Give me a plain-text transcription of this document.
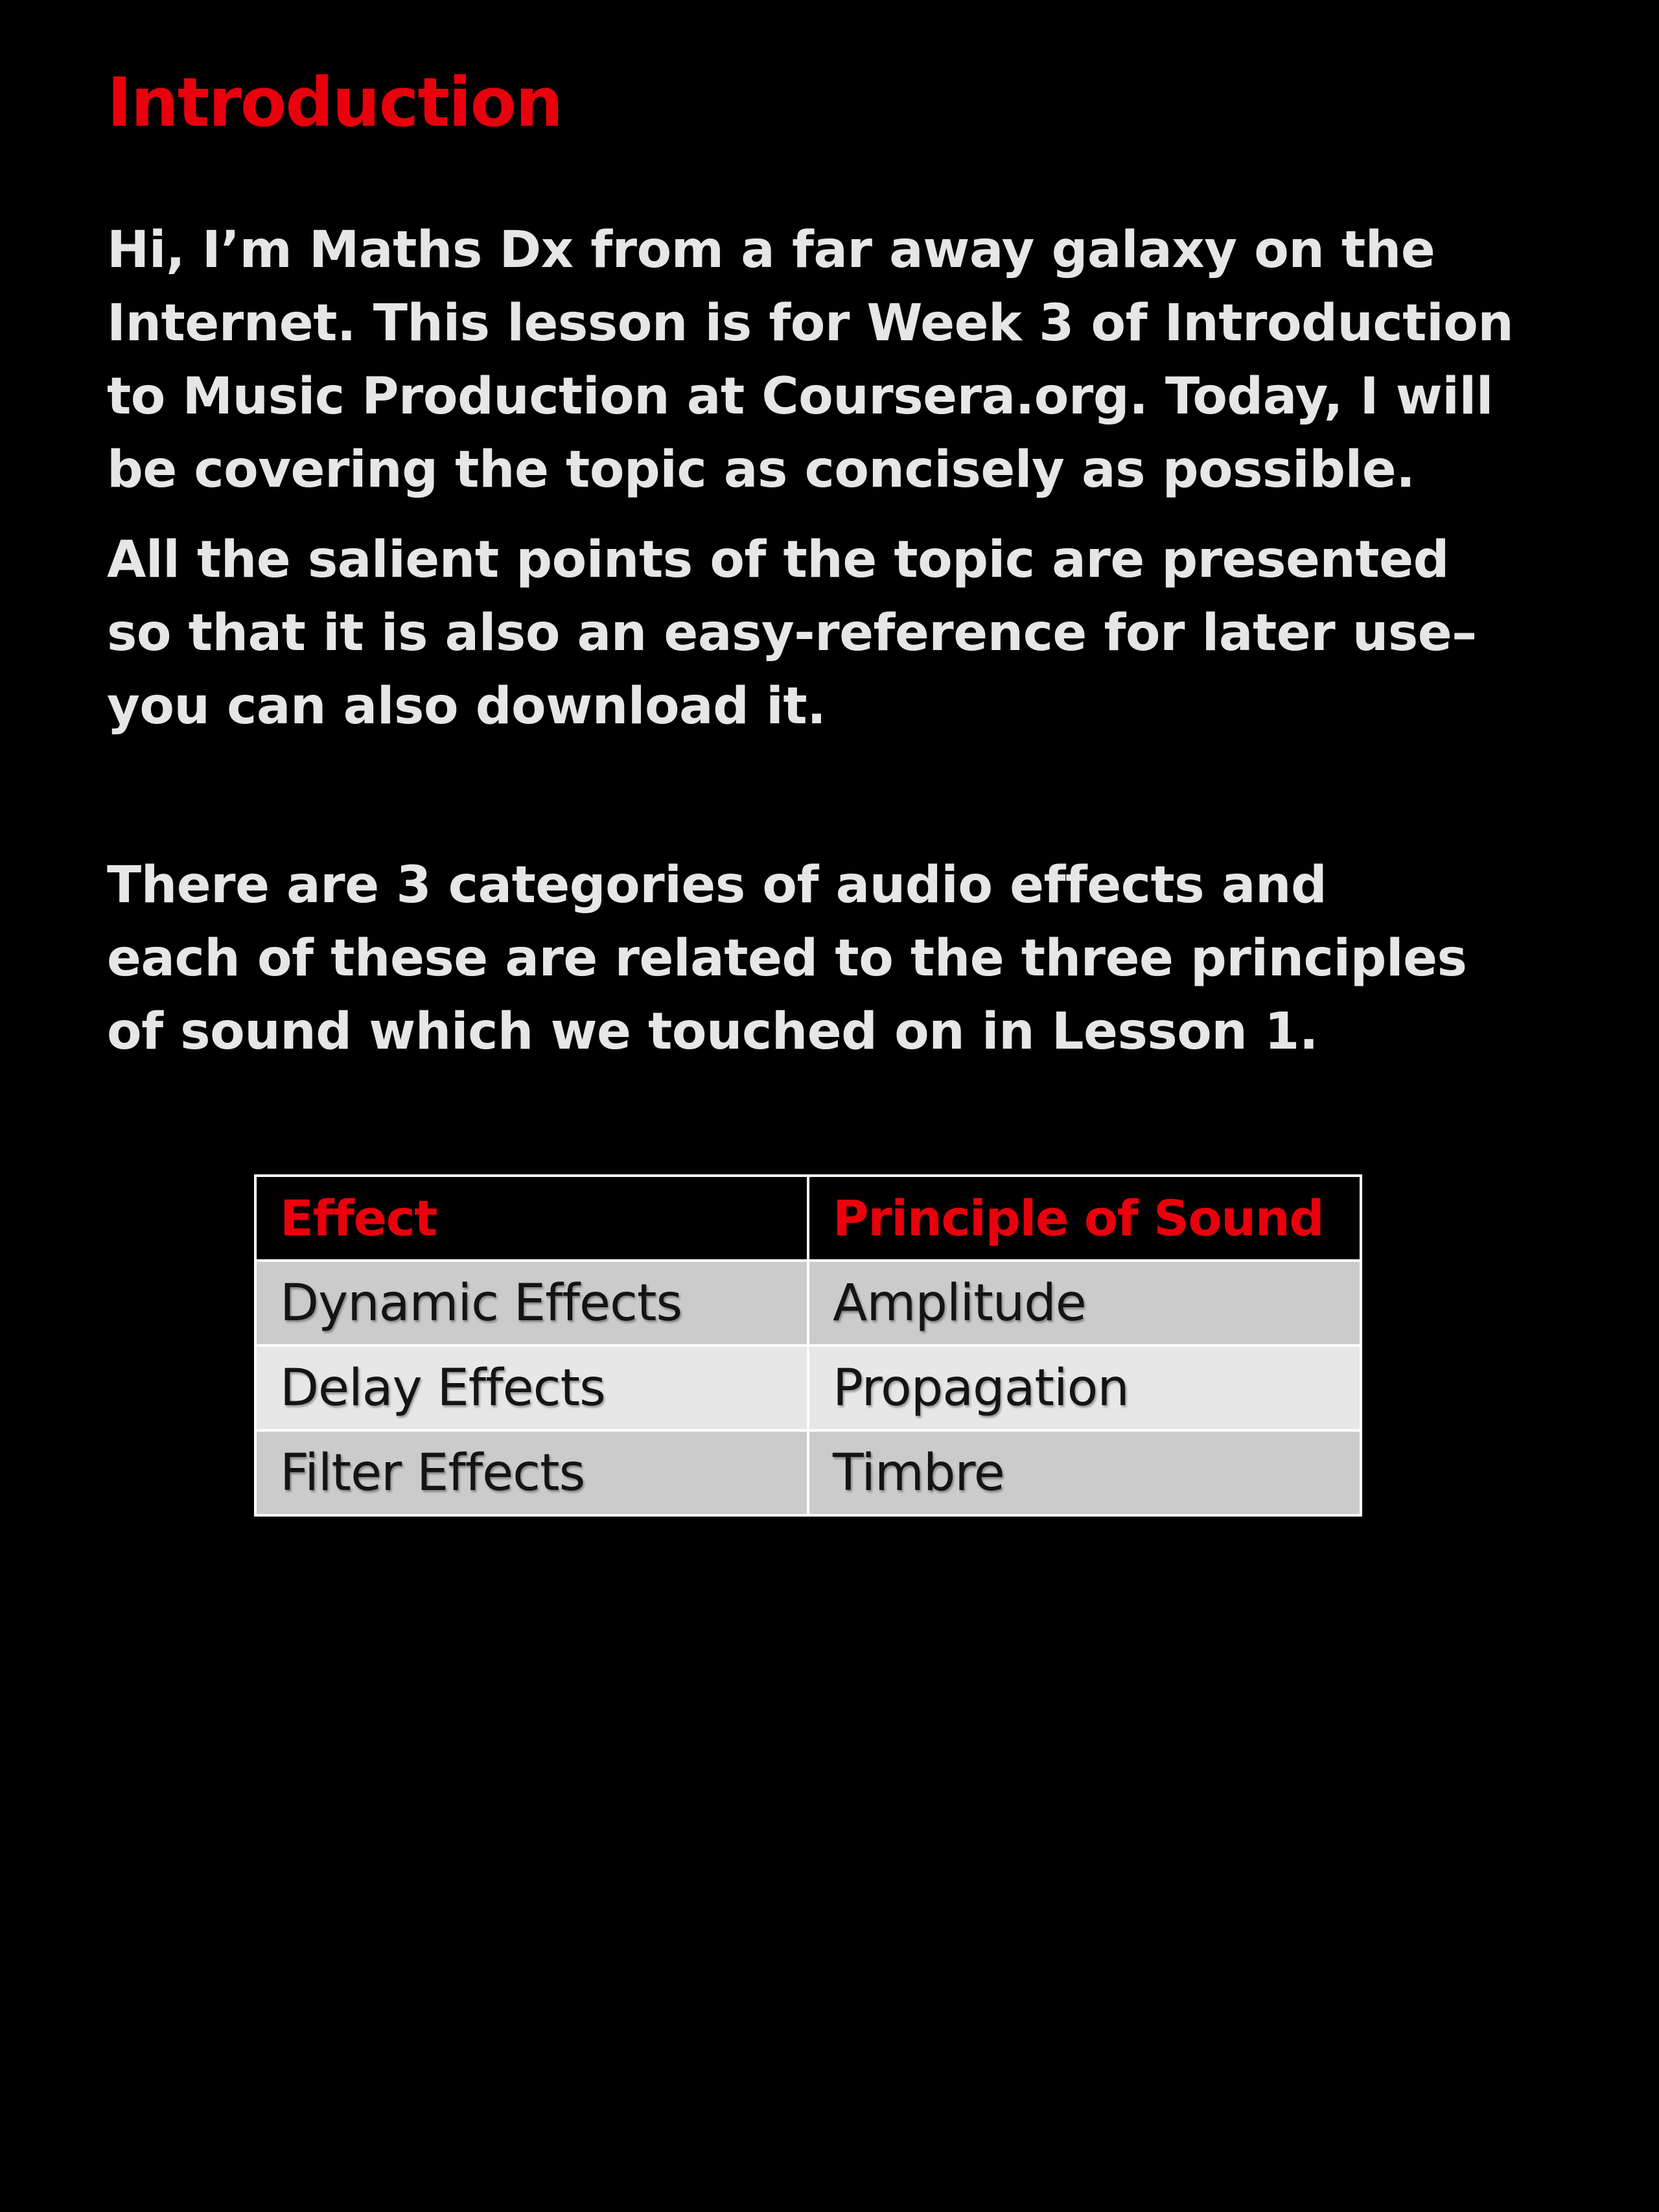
Introduction

Hi, I’m Maths Dx from a far away galaxy on the
Internet. This lesson is for Week 3 of Introduction
to Music Production at Coursera.org. Today, I will
be covering the topic as concisely as possible.

All the salient points of the topic are presented
so that it is also an easy-reference for later use–
you can also download it.

There are 3 categories of audio effects and
each of these are related to the three principles
of sound which we touched on in Lesson 1.

Effect	Principle of Sound
Dynamic Effects	Amplitude
Delay Effects	Propagation
Filter Effects	Timbre
